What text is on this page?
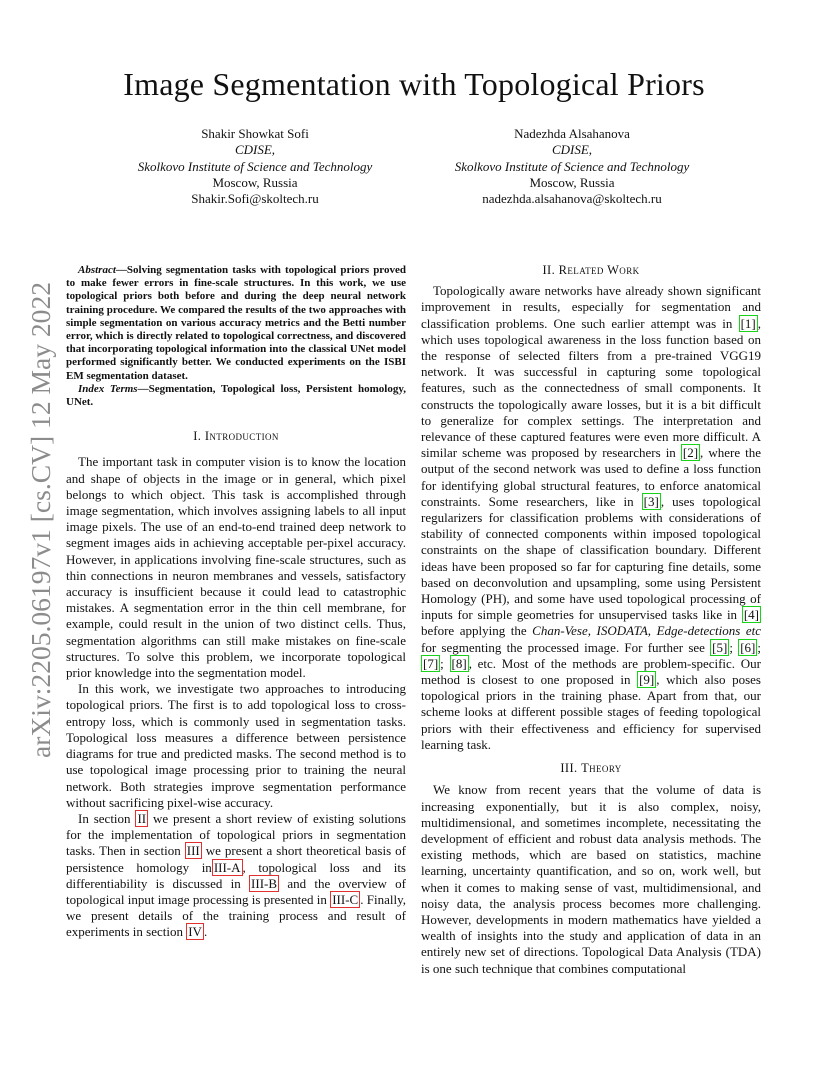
arXiv:2205.06197v1 [cs.CV] 12 May 2022
Image Segmentation with Topological Priors
Shakir Showkat Sofi
CDISE,
Skolkovo Institute of Science and Technology
Moscow, Russia
Shakir.Sofi@skoltech.ru
Nadezhda Alsahanova
CDISE,
Skolkovo Institute of Science and Technology
Moscow, Russia
nadezhda.alsahanova@skoltech.ru

Abstract—Solving segmentation tasks with topological priors proved to make fewer errors in fine-scale structures. In this work, we use topological priors both before and during the deep neural network training procedure. We compared the results of the two approaches with simple segmentation on various accuracy metrics and the Betti number error, which is directly related to topological correctness, and discovered that incorporating topological information into the classical UNet model performed significantly better. We conducted experiments on the ISBI EM segmentation dataset.

Index Terms—Segmentation, Topological loss, Persistent homology, UNet.

I. Introduction

The important task in computer vision is to know the location and shape of objects in the image or in general, which pixel belongs to which object. This task is accomplished through image segmentation, which involves assigning labels to all input image pixels. The use of an end-to-end trained deep network to segment images aids in achieving acceptable per-pixel accuracy. However, in applications involving fine-scale structures, such as thin connections in neuron membranes and vessels, satisfactory accuracy is insufficient because it could lead to catastrophic mistakes. A segmentation error in the thin cell membrane, for example, could result in the union of two distinct cells. Thus, segmentation algorithms can still make mistakes on fine-scale structures. To solve this problem, we incorporate topological prior knowledge into the segmentation model.

In this work, we investigate two approaches to introducing topological priors. The first is to add topological loss to cross-entropy loss, which is commonly used in segmentation tasks. Topological loss measures a difference between persistence diagrams for true and predicted masks. The second method is to use topological image processing prior to training the neural network. Both strategies improve segmentation performance without sacrificing pixel-wise accuracy.

In section II we present a short review of existing solutions for the implementation of topological priors in segmentation tasks. Then in section III we present a short theoretical basis of persistence homology in III-A , topological loss and its differentiability is discussed in III-B and the overview of topological input image processing is presented in III-C . Finally, we present details of the training process and result of experiments in section IV .

II. Related Work

Topologically aware networks have already shown significant improvement in results, especially for segmentation and classification problems. One such earlier attempt was in [1] , which uses topological awareness in the loss function based on the response of selected filters from a pre-trained VGG19 network. It was successful in capturing some topological features, such as the connectedness of small components. It constructs the topologically aware losses, but it is a bit difficult to generalize for complex settings. The interpretation and relevance of these captured features were even more difficult. A similar scheme was proposed by researchers in [2] , where the output of the second network was used to define a loss function for identifying global structural features, to enforce anatomical constraints. Some researchers, like in [3] , uses topological regularizers for classification problems with considerations of stability of connected components within imposed topological constraints on the shape of classification boundary. Different ideas have been proposed so far for capturing fine details, some based on deconvolution and upsampling, some using Persistent Homology (PH), and some have used topological processing of inputs for simple geometries for unsupervised tasks like in [4] before applying the Chan-Vese, ISODATA, Edge-detections etc for segmenting the processed image. For further see [5] ; [6] ; [7] ; [8] , etc. Most of the methods are problem-specific. Our method is closest to one proposed in [9] , which also poses topological priors in the training phase. Apart from that, our scheme looks at different possible stages of feeding topological priors with their effectiveness and efficiency for supervised learning task.

III. Theory

We know from recent years that the volume of data is increasing exponentially, but it is also complex, noisy, multidimensional, and sometimes incomplete, necessitating the development of efficient and robust data analysis methods. The existing methods, which are based on statistics, machine learning, uncertainty quantification, and so on, work well, but when it comes to making sense of vast, multidimensional, and noisy data, the analysis process becomes more challenging. However, developments in modern mathematics have yielded a wealth of insights into the study and application of data in an entirely new set of directions. Topological Data Analysis (TDA) is one such technique that combines computational
